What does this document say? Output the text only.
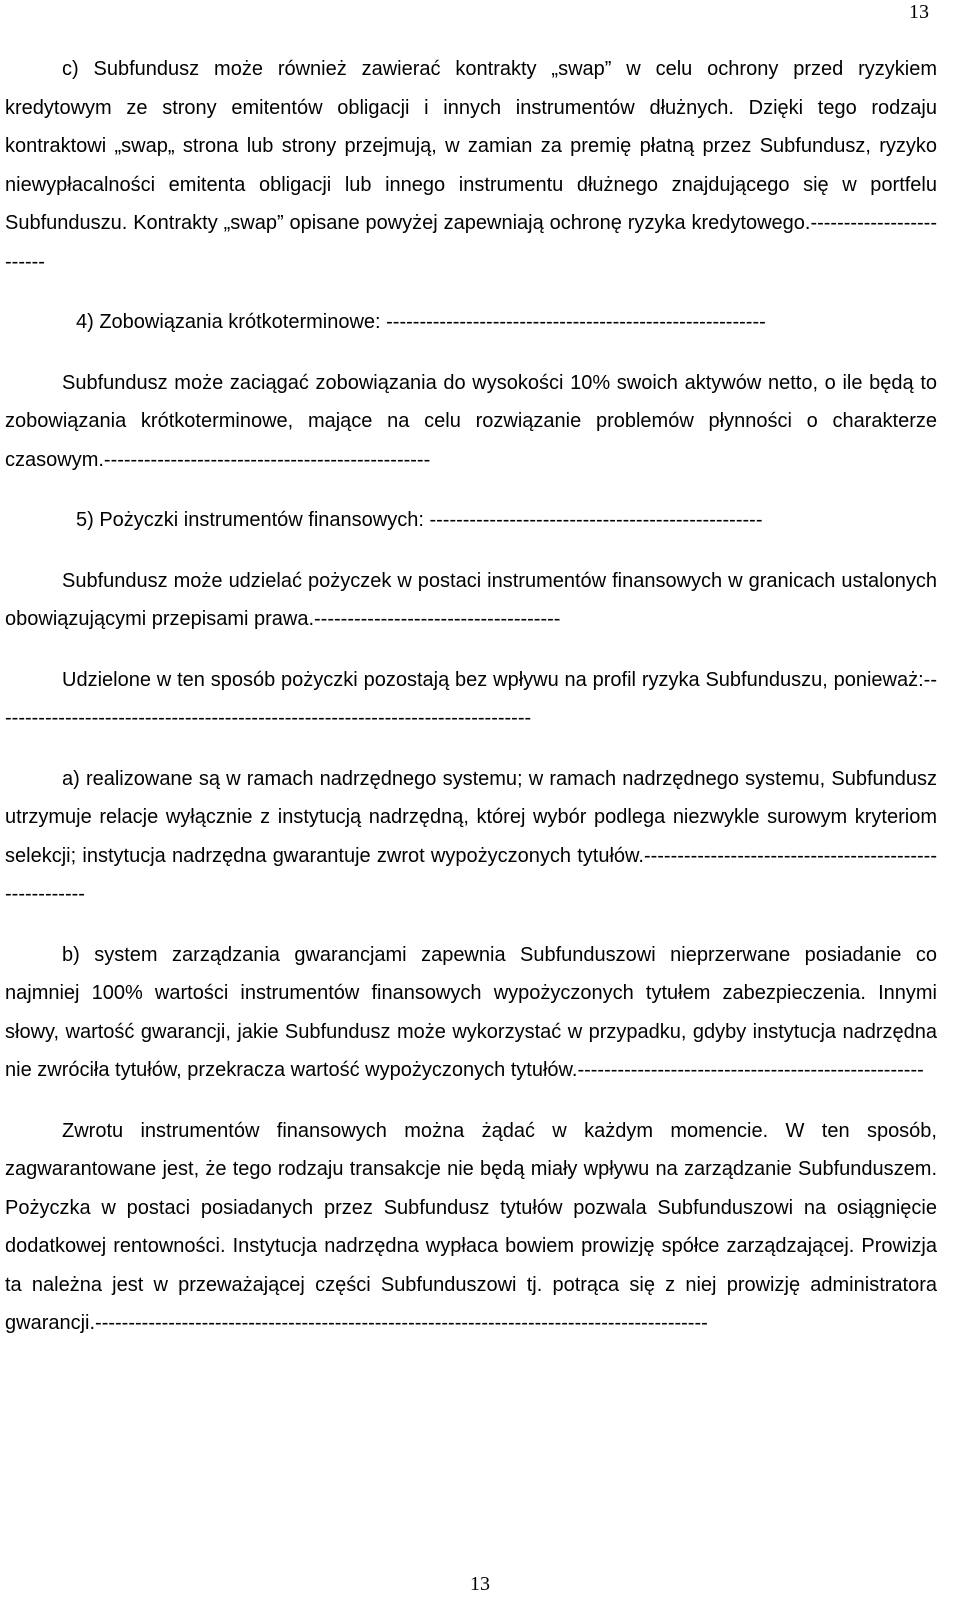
13

c) Subfundusz może również zawierać kontrakty „swap” w celu ochrony przed ryzykiem kredytowym ze strony emitentów obligacji i innych instrumentów dłużnych. Dzięki tego rodzaju kontraktowi „swap„ strona lub strony przejmują, w zamian za premię płatną przez Subfundusz, ryzyko niewypłacalności emitenta obligacji lub innego instrumentu dłużnego znajdującego się w portfelu Subfunduszu. Kontrakty „swap” opisane powyżej zapewniają ochronę ryzyka kredytowego.-------------------------

4) Zobowiązania krótkoterminowe: ---------------------------------------------------------

Subfundusz może zaciągać zobowiązania do wysokości 10% swoich aktywów netto, o ile będą to zobowiązania krótkoterminowe, mające na celu rozwiązanie problemów płynności o charakterze czasowym.-------------------------------------------------

5) Pożyczki instrumentów finansowych: --------------------------------------------------

Subfundusz może udzielać pożyczek w postaci instrumentów finansowych w granicach ustalonych obowiązującymi przepisami prawa.-------------------------------------

Udzielone w ten sposób pożyczki pozostają bez wpływu na profil ryzyka Subfunduszu, ponieważ:---------------------------------------------------------------------------------

a) realizowane są w ramach nadrzędnego systemu; w ramach nadrzędnego systemu, Subfundusz utrzymuje relacje wyłącznie z instytucją nadrzędną, której wybór podlega niezwykle surowym kryteriom selekcji; instytucja nadrzędna gwarantuje zwrot wypożyczonych tytułów.--------------------------------------------------------

b) system zarządzania gwarancjami zapewnia Subfunduszowi nieprzerwane posiadanie co najmniej 100% wartości instrumentów finansowych wypożyczonych tytułem zabezpieczenia. Innymi słowy, wartość gwarancji, jakie Subfundusz może wykorzystać w przypadku, gdyby instytucja nadrzędna nie zwróciła tytułów, przekracza wartość wypożyczonych tytułów.----------------------------------------------------

Zwrotu instrumentów finansowych można żądać w każdym momencie. W ten sposób, zagwarantowane jest, że tego rodzaju transakcje nie będą miały wpływu na zarządzanie Subfunduszem. Pożyczka w postaci posiadanych przez Subfundusz tytułów pozwala Subfunduszowi na osiągnięcie dodatkowej rentowności. Instytucja nadrzędna wypłaca bowiem prowizję spółce zarządzającej. Prowizja ta należna jest w przeważającej części Subfunduszowi tj. potrąca się z niej prowizję administratora gwarancji.--------------------------------------------------------------------------------------------

13
